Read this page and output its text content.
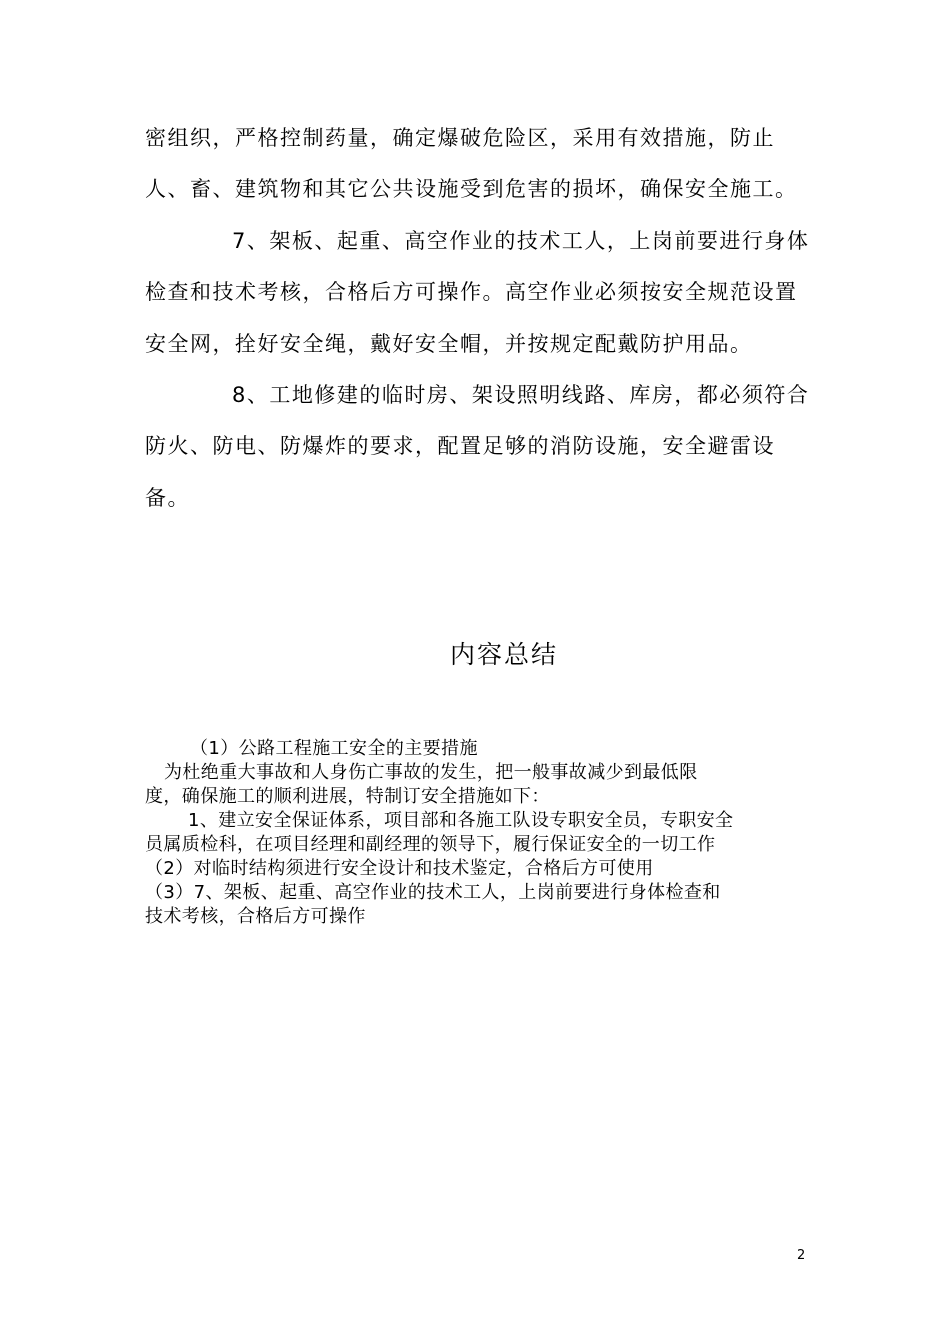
密组织，严格控制药量，确定爆破危险区，采用有效措施，防止
人、畜、建筑物和其它公共设施受到危害的损坏，确保安全施工。
7、架板、起重、高空作业的技术工人，上岗前要进行身体
检查和技术考核，合格后方可操作。高空作业必须按安全规范设置
安全网，拴好安全绳，戴好安全帽，并按规定配戴防护用品。
8、工地修建的临时房、架设照明线路、库房，都必须符合
防火、防电、防爆炸的要求，配置足够的消防设施，安全避雷设
备。
内容总结
（1）公路工程施工安全的主要措施
为杜绝重大事故和人身伤亡事故的发生，把一般事故减少到最低限
度，确保施工的顺利进展，特制订安全措施如下：
1、建立安全保证体系，项目部和各施工队设专职安全员，专职安全
员属质检科，在项目经理和副经理的领导下，履行保证安全的一切工作
（2）对临时结构须进行安全设计和技术鉴定，合格后方可使用
（3）7、架板、起重、高空作业的技术工人，上岗前要进行身体检查和
技术考核，合格后方可操作
2
